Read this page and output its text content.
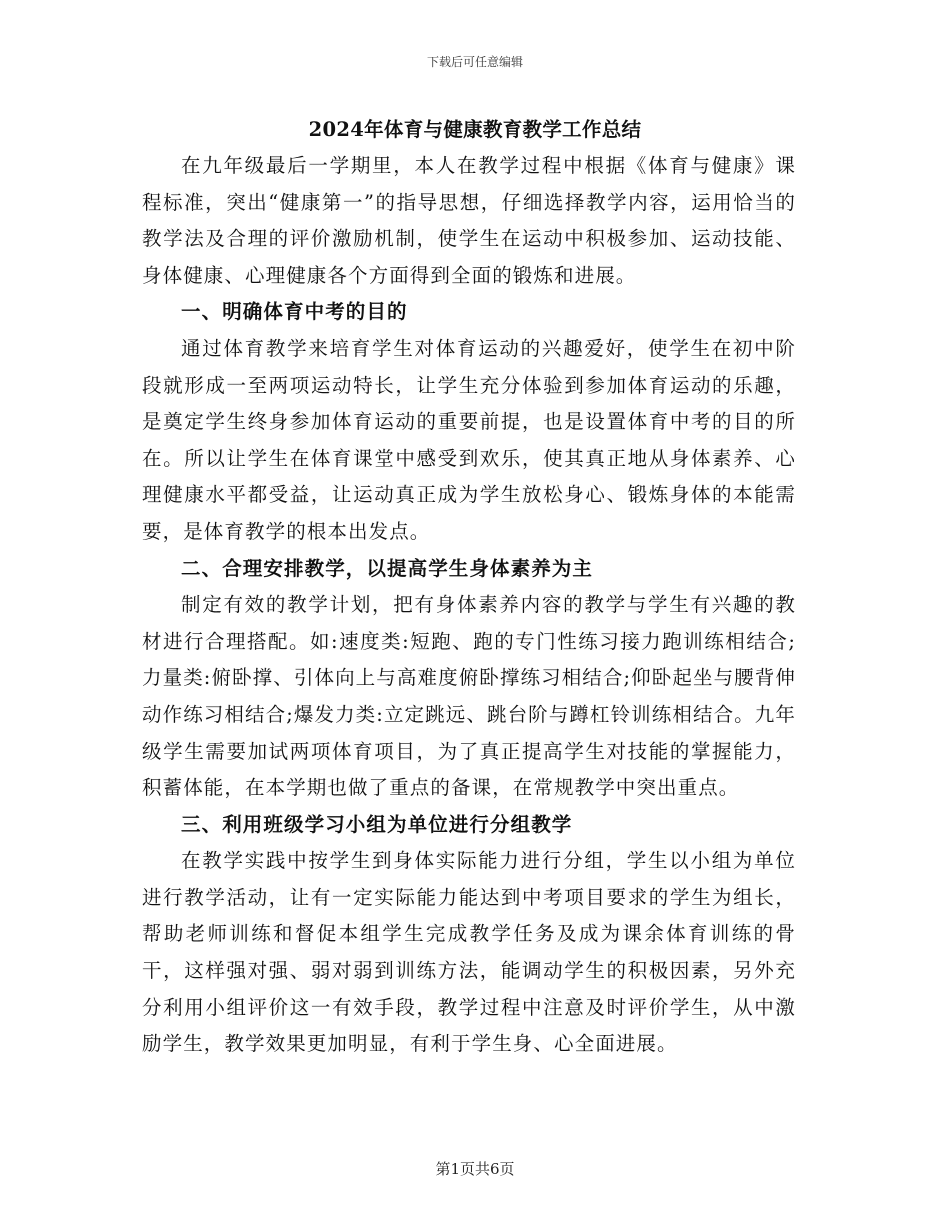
下载后可任意编辑
2024年体育与健康教育教学工作总结

在九年级最后一学期里，本人在教学过程中根据《体育与健康》课程标准，突出“健康第一”的指导思想，仔细选择教学内容，运用恰当的教学法及合理的评价激励机制，使学生在运动中积极参加、运动技能、身体健康、心理健康各个方面得到全面的锻炼和进展。

一、明确体育中考的目的

通过体育教学来培育学生对体育运动的兴趣爱好，使学生在初中阶段就形成一至两项运动特长，让学生充分体验到参加体育运动的乐趣，是奠定学生终身参加体育运动的重要前提，也是设置体育中考的目的所在。所以让学生在体育课堂中感受到欢乐，使其真正地从身体素养、心理健康水平都受益，让运动真正成为学生放松身心、锻炼身体的本能需要，是体育教学的根本出发点。

二、合理安排教学，以提高学生身体素养为主

制定有效的教学计划，把有身体素养内容的教学与学生有兴趣的教材进行合理搭配。如:速度类:短跑、跑的专门性练习接力跑训练相结合;力量类:俯卧撑、引体向上与高难度俯卧撑练习相结合;仰卧起坐与腰背伸动作练习相结合;爆发力类:立定跳远、跳台阶与蹲杠铃训练相结合。九年级学生需要加试两项体育项目，为了真正提高学生对技能的掌握能力，积蓄体能，在本学期也做了重点的备课，在常规教学中突出重点。

三、利用班级学习小组为单位进行分组教学

在教学实践中按学生到身体实际能力进行分组，学生以小组为单位进行教学活动，让有一定实际能力能达到中考项目要求的学生为组长，帮助老师训练和督促本组学生完成教学任务及成为课余体育训练的骨干，这样强对强、弱对弱到训练方法，能调动学生的积极因素，另外充分利用小组评价这一有效手段，教学过程中注意及时评价学生，从中激励学生，教学效果更加明显，有利于学生身、心全面进展。

第1页共6页
